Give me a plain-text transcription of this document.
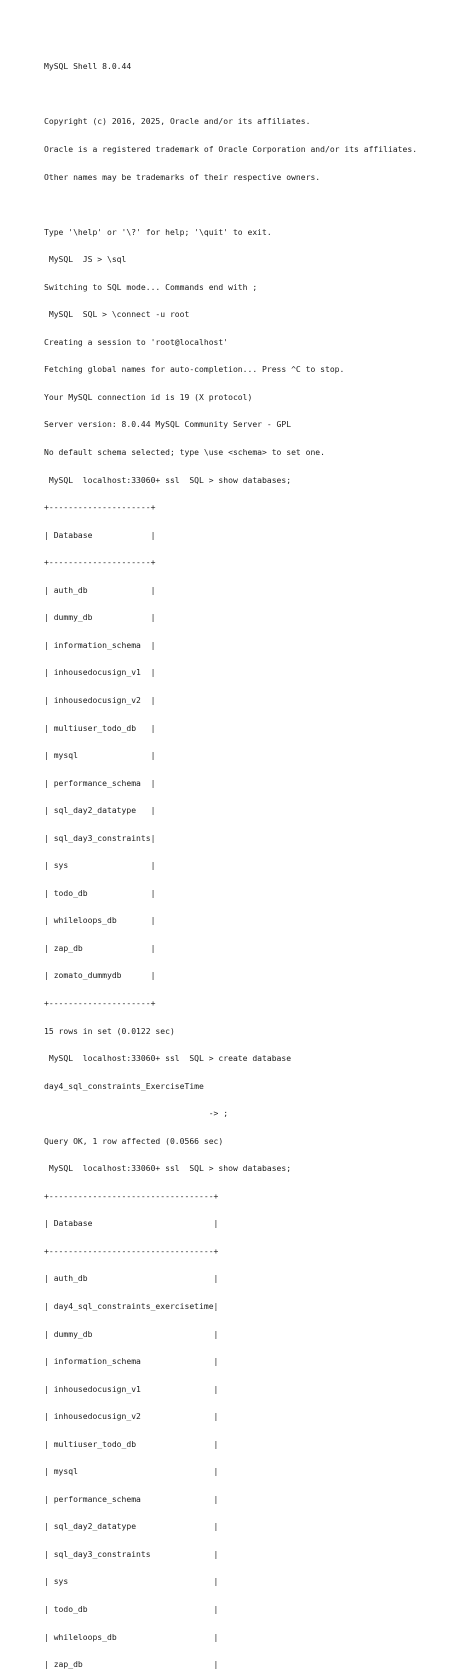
MySQL Shell 8.0.44

Copyright (c) 2016, 2025, Oracle and/or its affiliates.

Oracle is a registered trademark of Oracle Corporation and/or its affiliates.

Other names may be trademarks of their respective owners.

Type '\help' or '\?' for help; '\quit' to exit.

MySQL  JS > \sql

Switching to SQL mode... Commands end with ;

MySQL  SQL > \connect -u root

Creating a session to 'root@localhost'

Fetching global names for auto-completion... Press ^C to stop.

Your MySQL connection id is 19 (X protocol)

Server version: 8.0.44 MySQL Community Server - GPL

No default schema selected; type \use <schema> to set one.

MySQL  localhost:33060+ ssl  SQL > show databases;

+---------------------+

| Database            |

+---------------------+

| auth_db             |

| dummy_db            |

| information_schema  |

| inhousedocusign_v1  |

| inhousedocusign_v2  |

| multiuser_todo_db   |

| mysql               |

| performance_schema  |

| sql_day2_datatype   |

| sql_day3_constraints|

| sys                 |

| todo_db             |

| whileloops_db       |

| zap_db              |

| zomato_dummydb      |

+---------------------+

15 rows in set (0.0122 sec)

MySQL  localhost:33060+ ssl  SQL > create database

day4_sql_constraints_ExerciseTime

-> ;

Query OK, 1 row affected (0.0566 sec)

MySQL  localhost:33060+ ssl  SQL > show databases;

+----------------------------------+

| Database                         |

+----------------------------------+

| auth_db                          |

| day4_sql_constraints_exercisetime|

| dummy_db                         |

| information_schema               |

| inhousedocusign_v1               |

| inhousedocusign_v2               |

| multiuser_todo_db                |

| mysql                            |

| performance_schema               |

| sql_day2_datatype                |

| sql_day3_constraints             |

| sys                              |

| todo_db                          |

| whileloops_db                    |

| zap_db                           |
